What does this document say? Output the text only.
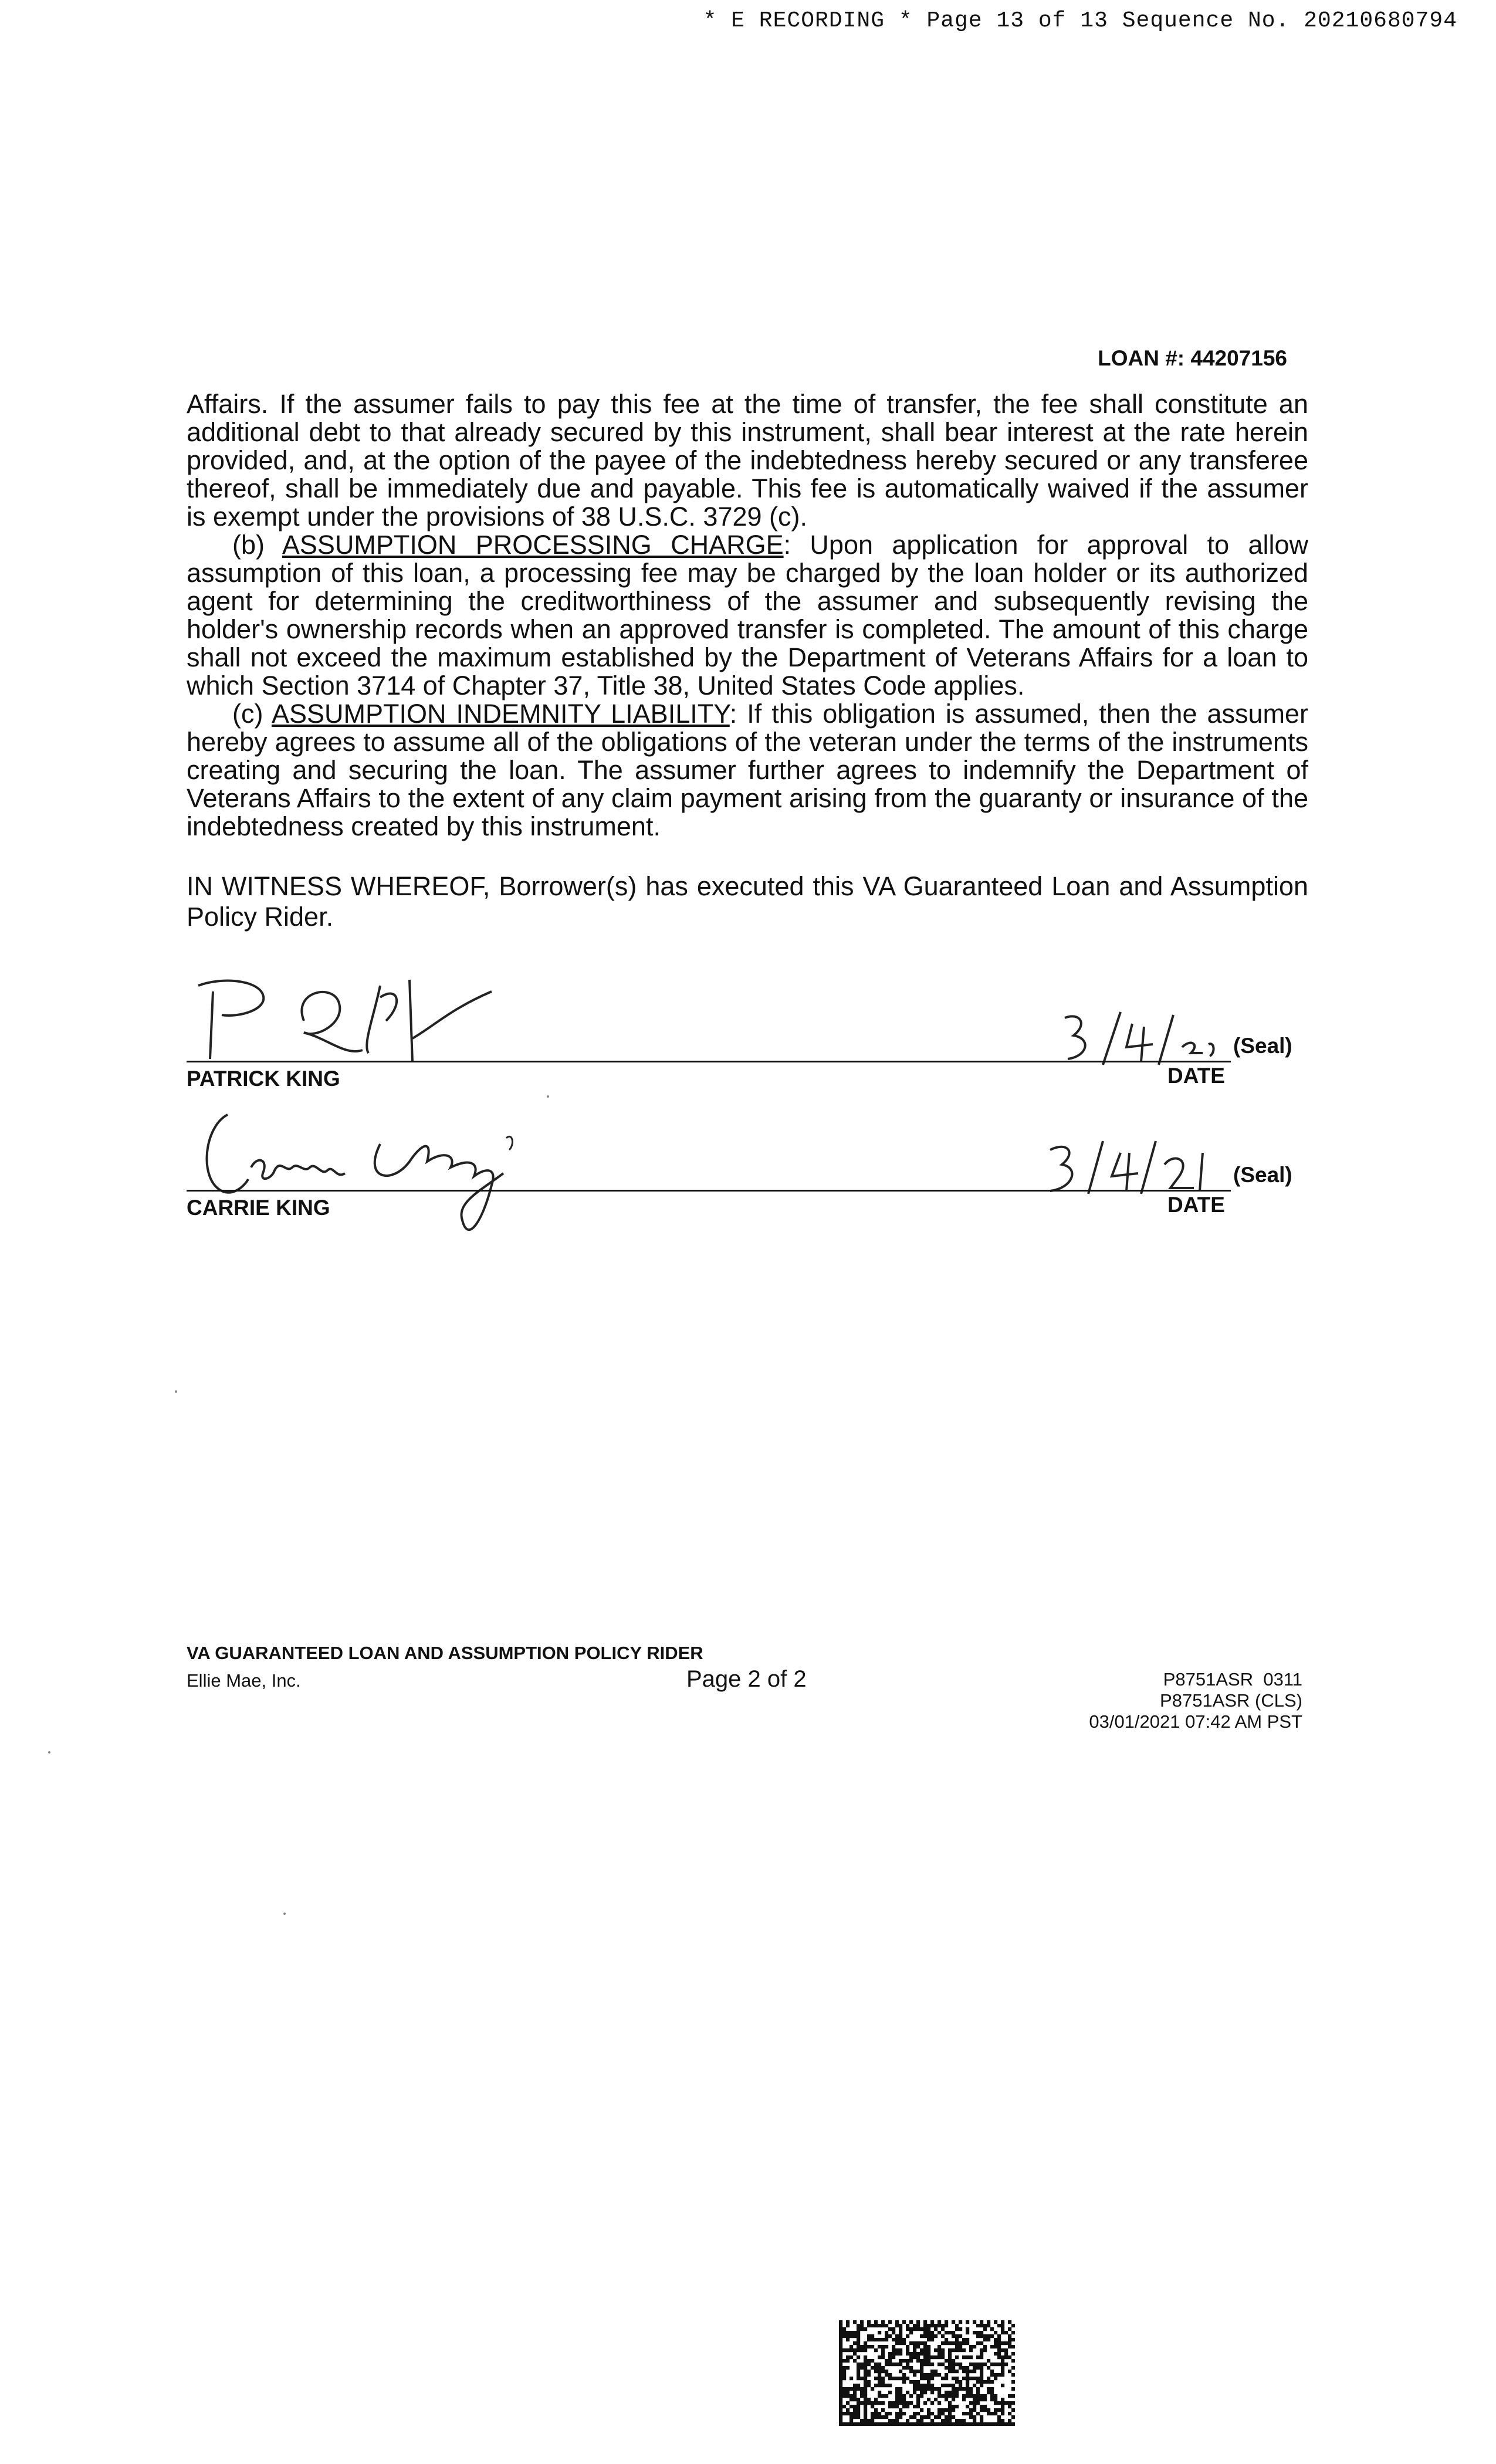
* E RECORDING * Page 13 of 13 Sequence No. 20210680794
LOAN #: 44207156

Affairs. If the assumer fails to pay this fee at the time of transfer, the fee shall constitute an additional debt to that already secured by this instrument, shall bear interest at the rate herein provided, and, at the option of the payee of the indebtedness hereby secured or any transferee thereof, shall be immediately due and payable. This fee is automatically waived if the assumer is exempt under the provisions of 38 U.S.C. 3729 (c).

(b) ASSUMPTION PROCESSING CHARGE: Upon application for approval to allow assumption of this loan, a processing fee may be charged by the loan holder or its authorized agent for determining the creditworthiness of the assumer and subsequently revising the holder's ownership records when an approved transfer is completed. The amount of this charge shall not exceed the maximum established by the Department of Veterans Affairs for a loan to which Section 3714 of Chapter 37, Title 38, United States Code applies.

(c) ASSUMPTION INDEMNITY LIABILITY: If this obligation is assumed, then the assumer hereby agrees to assume all of the obligations of the veteran under the terms of the instruments creating and securing the loan. The assumer further agrees to indemnify the Department of Veterans Affairs to the extent of any claim payment arising from the guaranty or insurance of the indebtedness created by this instrument.

IN WITNESS WHEREOF, Borrower(s) has executed this VA Guaranteed Loan and Assumption Policy Rider.
(Seal)
PATRICK KING	DATE
(Seal)
CARRIE KING	DATE
VA GUARANTEED LOAN AND ASSUMPTION POLICY RIDER
Ellie Mae, Inc.	Page 2 of 2	P8751ASR  0311
P8751ASR (CLS)
03/01/2021 07:42 AM PST
